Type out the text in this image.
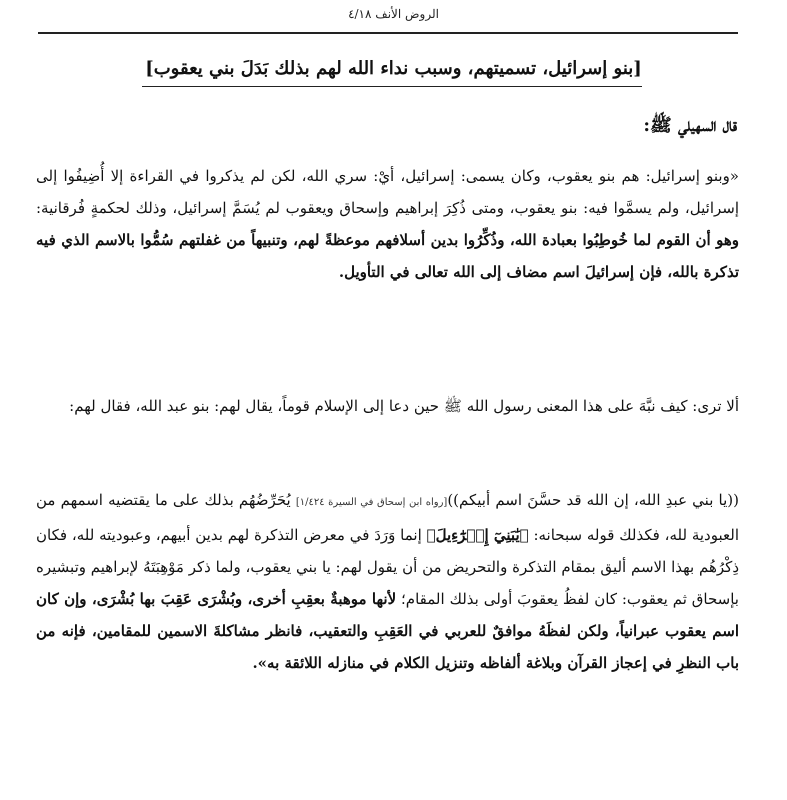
الروض الأنف ٤/١٨
[بنو إسرائيل، تسميتهم، وسبب نداء الله لهم بذلك بَدَلَ بني يعقوب]
قال السهيلي ﷺ:
«وبنو إسرائيل: هم بنو يعقوب، وكان يسمى: إسرائيل، أيْ: سري الله، لكن لم يذكروا في القراءة إلا أُضِيفُوا إلى إسرائيل، ولم يسمَّوا فيه: بنو يعقوب، ومتى ذُكِرَ إبراهيم وإسحاق ويعقوب لم يُسَمَّ إسرائيل، وذلك لحكمةٍ فُرقانية: وهو أن القوم لما خُوطِبُوا بعبادة الله، وذُكِّرُوا بدين أسلافهم موعظةً لهم، وتنبيهاً من غفلتهم سُمُّوا بالاسم الذي فيه تذكرة بالله، فإن إسرائيلَ اسم مضاف إلى الله تعالى في التأويل.
ألا ترى: كيف نبَّهَ على هذا المعنى رسول الله ﷺ حين دعا إلى الإسلام قوماً، يقال لهم: بنو عبد الله، فقال لهم:
((يا بني عبدِ الله، إن الله قد حسَّنَ اسم أبيكم))[رواه ابن إسحاق في السيرة ١/٤٢٤] يُحَرِّضُهُم بذلك على ما يقتضيه اسمهم من العبودية لله، فكذلك قوله سبحانه: ﴿يَٰبَنِيٓ إِسۡرَٰٓءِيلَ﴾ إنما وَرَدَ في معرض التذكرة لهم بدين أبيهم، وعبوديته لله، فكان ذِكْرُهُم بهذا الاسم أليق بمقام التذكرة والتحريض من أن يقول لهم: يا بني يعقوب، ولما ذكر مَوْهِبَتَهُ لإبراهيم وتبشيره بإسحاق ثم يعقوب: كان لفظُ يعقوبَ أولى بذلك المقام؛ لأنها موهبةٌ بعقِبِ أخرى، وبُشْرَى عَقِبَ بها بُشْرَى، وإن كان اسم يعقوب عبرانياً، ولكن لفظَهُ موافقٌ للعربي في العَقِبِ والتعقيب، فانظر مشاكلةَ الاسمين للمقامين، فإنه من باب النظرِ في إعجاز القرآن وبلاغة ألفاظه وتنزيل الكلام في منازله اللائقة به».
